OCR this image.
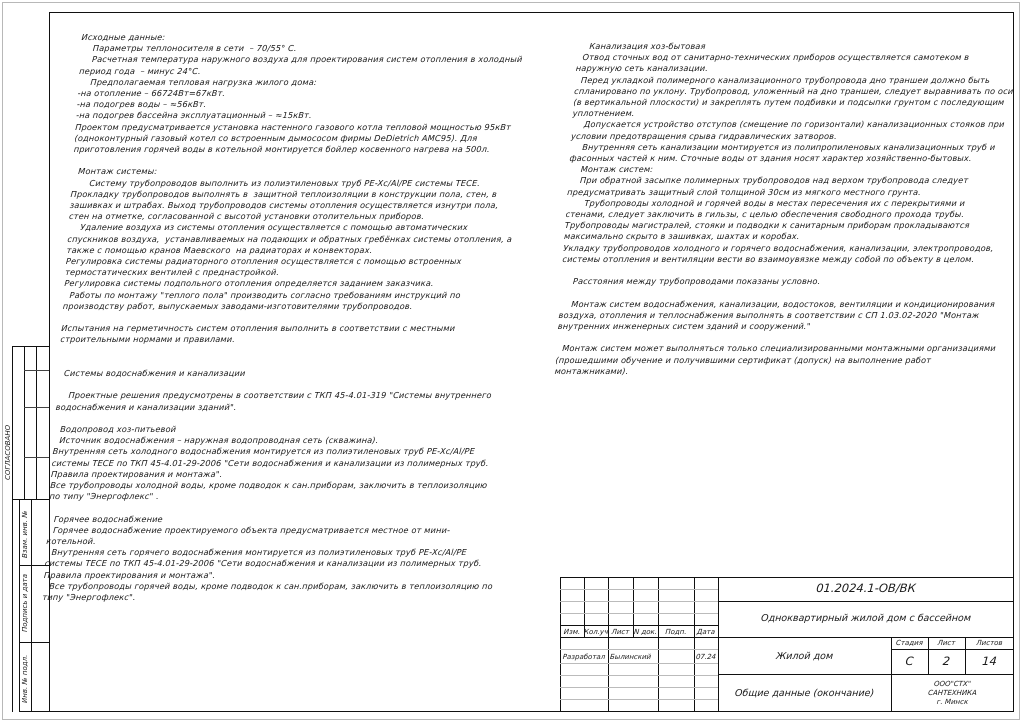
Исходные данные:

Параметры теплоносителя в сети  – 70/55° С.

Расчетная температура наружного воздуха для проектирования систем отопления в холодный период года  – минус 24°С.

Предполагаемая тепловая нагрузка жилого дома:

-на отопление – 66724Вт=67кВт.

-на подогрев воды – ≈56кВт.

-на подогрев бассейна эксплуатационный – ≈15кВт.

Проектом предусматривается установка настенного газового котла тепловой мощностью 95кВт (одноконтурный газовый котел со встроенным дымососом фирмы DeDietrich AMC95). Для приготовления горячей воды в котельной монтируется бойлер косвенного нагрева на 500л.

Монтаж системы:

Систему трубопроводов выполнить из полиэтиленовых труб PE-Xc/Al/PE системы TECE. Прокладку трубопроводов выполнять в  защитной теплоизоляции в конструкции пола, стен, в зашивках и штрабах. Выход трубопроводов системы отопления осуществляется изнутри пола, стен на отметке, согласованной с высотой установки отопительных приборов.

Удаление воздуха из системы отопления осуществляется с помощью автоматических спускников воздуха,  устанавливаемых на подающих и обратных гребёнках системы отопления, а также с помощью кранов Маевского  на радиаторах и конвекторах.

Регулировка системы радиаторного отопления осуществляется с помощью встроенных термостатических вентилей с преднастройкой.

Регулировка системы подпольного отопления определяется заданием заказчика.

Работы по монтажу "теплого пола" производить согласно требованиям инструкций по производству работ, выпускаемых заводами-изготовителями трубопроводов.

Испытания на герметичность систем отопления выполнить в соответствии с местными строительными нормами и правилами.

Системы водоснабжения и канализации

Проектные решения предусмотрены в соответствии с ТКП 45-4.01-319 "Системы внутреннего водоснабжения и канализации зданий".

Водопровод хоз-питьевой

Источник водоснабжения – наружная водопроводная сеть (скважина).

Внутренняя сеть холодного водоснабжения монтируется из полиэтиленовых труб PE-Xc/Al/PE системы TECE по ТКП 45-4.01-29-2006 "Сети водоснабжения и канализации из полимерных труб. Правила проектирования и монтажа".

Все трубопроводы холодной воды, кроме подводок к сан.приборам, заключить в теплоизоляцию по типу "Энергофлекс" .

Горячее водоснабжение

Горячее водоснабжение проектируемого объекта предусматривается местное от мини-котельной.

Внутренняя сеть горячего водоснабжения монтируется из полиэтиленовых труб PE-Xc/Al/PE системы TECE по ТКП 45-4.01-29-2006 "Сети водоснабжения и канализации из полимерных труб. Правила проектирования и монтажа".

Все трубопроводы горячей воды, кроме подводок к сан.приборам, заключить в теплоизоляцию по типу "Энергофлекс".

Канализация хоз-бытовая

Отвод сточных вод от санитарно-технических приборов осуществляется самотеком в наружную сеть канализации.

Перед укладкой полимерного канализационного трубопровода дно траншеи должно быть спланировано по уклону. Трубопровод, уложенный на дно траншеи, следует выравнивать по оси  (в вертикальной плоскости) и закреплять путем подбивки и подсыпки грунтом с последующим уплотнением.

Допускается устройство отступов (смещение по горизонтали) канализационных стояков при условии предотвращения срыва гидравлических затворов.

Внутренняя сеть канализации монтируется из полипропиленовых канализационных труб и фасонных частей к ним. Сточные воды от здания носят характер хозяйственно-бытовых.

Монтаж систем:

При обратной засыпке полимерных трубопроводов над верхом трубопровода следует предусматривать защитный слой толщиной 30см из мягкого местного грунта.

Трубопроводы холодной и горячей воды в местах пересечения их с перекрытиями и стенами, следует заключить в гильзы, с целью обеспечения свободного прохода трубы. Трубопроводы магистралей, стояки и подводки к санитарным приборам прокладываются максимально скрыто в зашивках, шахтах и коробах.

Укладку трубопроводов холодного и горячего водоснабжения, канализации, электропроводов, системы отопления и вентиляции вести во взаимоувязке между собой по объекту в целом.

Расстояния между трубопроводами показаны условно.

Монтаж систем водоснабжения, канализации, водостоков, вентиляции и кондиционирования воздуха, отопления и теплоснабжения выполнять в соответствии с СП 1.03.02-2020 "Монтаж внутренних инженерных систем зданий и сооружений."

Монтаж систем может выполняться только специализированными монтажными организациями (прошедшими обучение и получившими сертификат (допуск) на выполнение работ монтажниками).

СОГЛАСОВАНО
Взам. инв. №
Подпись и дата
Инв. № подл.
Изм. Кол.уч Лист N док.	Подп.	Дата
Разработал Былинский	07.24
01.2024.1-ОВ/ВК
Одноквартирный жилой дом с бассейном
Жилой дом
Общие данные (окончание)
Стадия	Лист	Листов
С	2	14
ООО"СТХ"
САНТЕХНИКА
г. Минск
